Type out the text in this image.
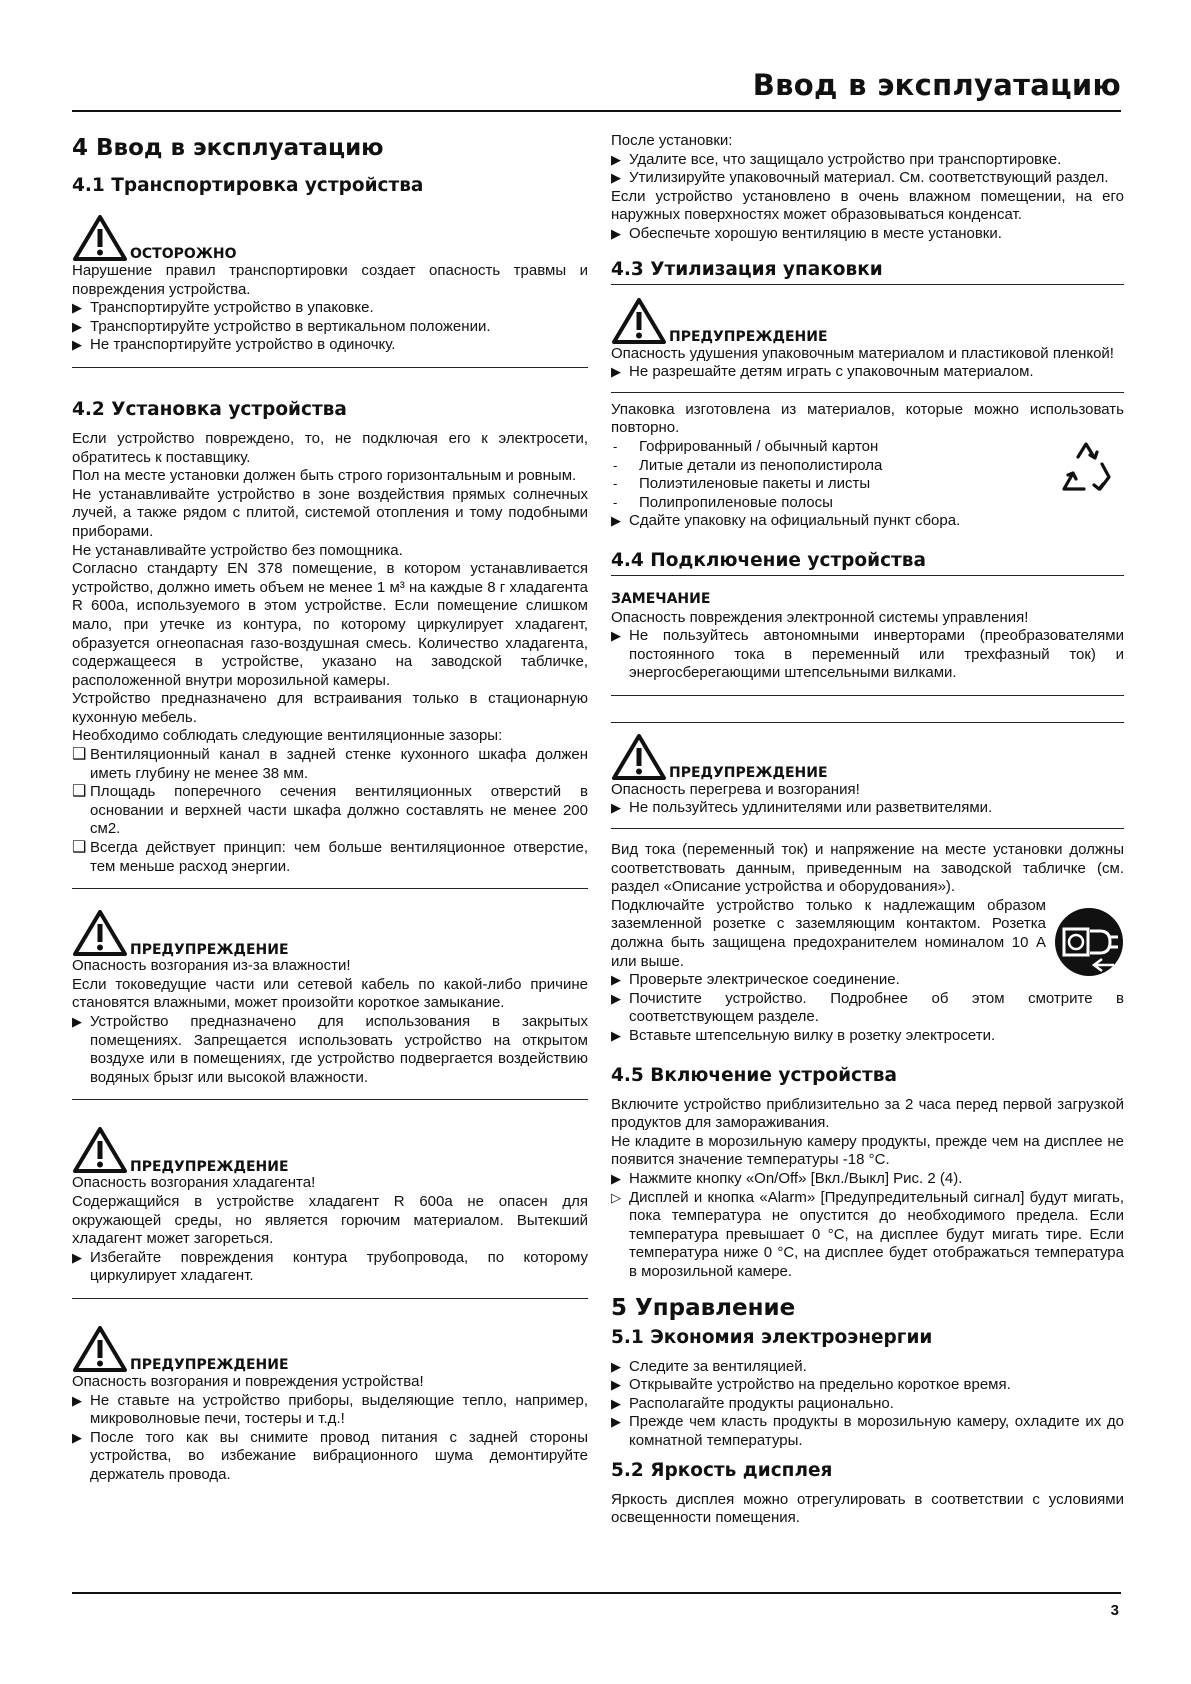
Ввод в эксплуатацию
4 Ввод в эксплуатацию
4.1 Транспортировка устройства
ОСТОРОЖНО

Нарушение правил транспортировки создает опасность травмы и повреждения устройства.

▶ Транспортируйте устройство в упаковке.
▶ Транспортируйте устройство в вертикальном положении.
▶ Не транспортируйте устройство в одиночку.
4.2 Установка устройства

Если устройство повреждено, то, не подключая его к электросети, обратитесь к поставщику.

Пол на месте установки должен быть строго горизонтальным и ровным.

Не устанавливайте устройство в зоне воздействия прямых солнечных лучей, а также рядом с плитой, системой отопления и тому подобными приборами.

Не устанавливайте устройство без помощника.

Согласно стандарту EN 378 помещение, в котором устанавливается устройство, должно иметь объем не менее 1 м³ на каждые 8 г хладагента R 600a, используемого в этом устройстве. Если помещение слишком мало, при утечке из контура, по которому циркулирует хладагент, образуется огнеопасная газо-воздушная смесь. Количество хладагента, содержащееся в устройстве, указано на заводской табличке, расположенной внутри морозильной камеры.

Устройство предназначено для встраивания только в стационарную кухонную мебель.

Необходимо соблюдать следующие вентиляционные зазоры:

❑ Вентиляционный канал в задней стенке кухонного шкафа должен иметь глубину не менее 38 мм.
❑ Площадь поперечного сечения вентиляционных отверстий в основании и верхней части шкафа должно составлять не менее 200 см2.
❑ Всегда действует принцип: чем больше вентиляционное отверстие, тем меньше расход энергии.
ПРЕДУПРЕЖДЕНИЕ

Опасность возгорания из-за влажности!

Если токоведущие части или сетевой кабель по какой-либо причине становятся влажными, может произойти короткое замыкание.

▶ Устройство предназначено для использования в закрытых помещениях. Запрещается использовать устройство на открытом воздухе или в помещениях, где устройство подвергается воздействию водяных брызг или высокой влажности.
ПРЕДУПРЕЖДЕНИЕ

Опасность возгорания хладагента!

Содержащийся в устройстве хладагент R 600a не опасен для окружающей среды, но является горючим материалом. Вытекший хладагент может загореться.

▶ Избегайте повреждения контура трубопровода, по которому циркулирует хладагент.
ПРЕДУПРЕЖДЕНИЕ

Опасность возгорания и повреждения устройства!

▶ Не ставьте на устройство приборы, выделяющие тепло, например, микроволновые печи, тостеры и т.д.!
▶ После того как вы снимите провод питания с задней стороны устройства, во избежание вибрационного шума демонтируйте держатель провода.

После установки:

▶ Удалите все, что защищало устройство при транспортировке.
▶ Утилизируйте упаковочный материал. См. соответствующий раздел.

Если устройство установлено в очень влажном помещении, на его наружных поверхностях может образовываться конденсат.

▶ Обеспечьте хорошую вентиляцию в месте установки.
4.3 Утилизация упаковки
ПРЕДУПРЕЖДЕНИЕ

Опасность удушения упаковочным материалом и пластиковой пленкой!

▶ Не разрешайте детям играть с упаковочным материалом.

Упаковка изготовлена из материалов, которые можно использовать повторно.

-	Гофрированный / обычный картон
-	Литые детали из пенополистирола
-	Полиэтиленовые пакеты и листы
-	Полипропиленовые полосы
▶ Сдайте упаковку на официальный пункт сбора.
4.4 Подключение устройства
ЗАМЕЧАНИЕ

Опасность повреждения электронной системы управления!

▶ Не пользуйтесь автономными инверторами (преобразователями постоянного тока в переменный или трехфазный ток) и энергосберегающими штепсельными вилками.
ПРЕДУПРЕЖДЕНИЕ

Опасность перегрева и возгорания!

▶ Не пользуйтесь удлинителями или разветвителями.

Вид тока (переменный ток) и напряжение на месте установки должны соответствовать данным, приведенным на заводской табличке (см. раздел «Описание устройства и оборудования»).

Подключайте устройство только к надлежащим образом заземленной розетке с заземляющим контактом. Розетка должна быть защищена предохранителем номиналом 10 А или выше.

▶ Проверьте электрическое соединение.
▶ Почистите устройство. Подробнее об этом смотрите в соответствующем разделе.
▶ Вставьте штепсельную вилку в розетку электросети.
4.5 Включение устройства

Включите устройство приблизительно за 2 часа перед первой загрузкой продуктов для замораживания.

Не кладите в морозильную камеру продукты, прежде чем на дисплее не появится значение температуры -18 °С.

▶ Нажмите кнопку «On/Off» [Вкл./Выкл] Рис. 2 (4).
▷ Дисплей и кнопка «Alarm» [Предупредительный сигнал] будут мигать, пока температура не опустится до необходимого предела. Если температура превышает 0 °С, на дисплее будут мигать тире. Если температура ниже 0 °С, на дисплее будет отображаться температура в морозильной камере.
5 Управление
5.1 Экономия электроэнергии
▶ Следите за вентиляцией.
▶ Открывайте устройство на предельно короткое время.
▶ Располагайте продукты рационально.
▶ Прежде чем класть продукты в морозильную камеру, охладите их до комнатной температуры.
5.2 Яркость дисплея

Яркость дисплея можно отрегулировать в соответствии с условиями освещенности помещения.

3
